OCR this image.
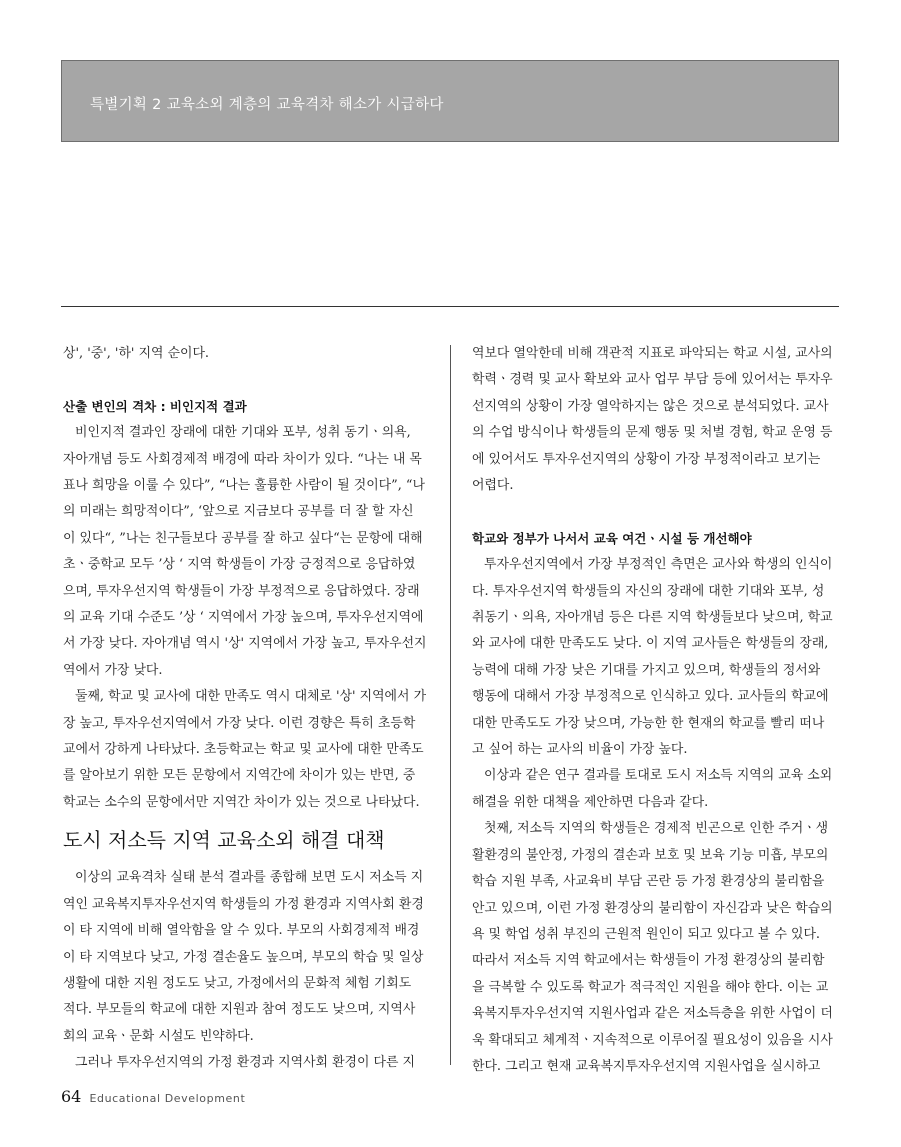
특별기획 2 교육소외 계층의 교육격차 해소가 시급하다

상', '중', '하' 지역 순이다.

산출 변인의 격차 : 비인지적 결과

비인지적 결과인 장래에 대한 기대와 포부, 성취 동기ㆍ의욕,

자아개념 등도 사회경제적 배경에 따라 차이가 있다. “나는 내 목

표나 희망을 이룰 수 있다”, “나는 훌륭한 사람이 될 것이다”, “나

의 미래는 희망적이다”, ‘앞으로 지금보다 공부를 더 잘 할 자신

이 있다“, ”나는 친구들보다 공부를 잘 하고 싶다“는 문항에 대해

초ㆍ중학교 모두 ’상 ‘ 지역 학생들이 가장 긍정적으로 응답하였

으며, 투자우선지역 학생들이 가장 부정적으로 응답하였다. 장래

의 교육 기대 수준도 ’상 ‘ 지역에서 가장 높으며, 투자우선지역에

서 가장 낮다. 자아개념 역시 '상' 지역에서 가장 높고, 투자우선지

역에서 가장 낮다.

둘째, 학교 및 교사에 대한 만족도 역시 대체로 '상' 지역에서 가

장 높고, 투자우선지역에서 가장 낮다. 이런 경향은 특히 초등학

교에서 강하게 나타났다. 초등학교는 학교 및 교사에 대한 만족도

를 알아보기 위한 모든 문항에서 지역간에 차이가 있는 반면, 중

학교는 소수의 문항에서만 지역간 차이가 있는 것으로 나타났다.

도시 저소득 지역 교육소외 해결 대책

이상의 교육격차 실태 분석 결과를 종합해 보면 도시 저소득 지

역인 교육복지투자우선지역 학생들의 가정 환경과 지역사회 환경

이 타 지역에 비해 열악함을 알 수 있다. 부모의 사회경제적 배경

이 타 지역보다 낮고, 가정 결손율도 높으며, 부모의 학습 및 일상

생활에 대한 지원 정도도 낮고, 가정에서의 문화적 체험 기회도

적다. 부모들의 학교에 대한 지원과 참여 정도도 낮으며, 지역사

회의 교육ㆍ문화 시설도 빈약하다.

그러나 투자우선지역의 가정 환경과 지역사회 환경이 다른 지

역보다 열악한데 비해 객관적 지표로 파악되는 학교 시설, 교사의

학력ㆍ경력 및 교사 확보와 교사 업무 부담 등에 있어서는 투자우

선지역의 상황이 가장 열악하지는 않은 것으로 분석되었다. 교사

의 수업 방식이나 학생들의 문제 행동 및 처벌 경험, 학교 운영 등

에 있어서도 투자우선지역의 상황이 가장 부정적이라고 보기는

어렵다.

학교와 정부가 나서서 교육 여건ㆍ시설 등 개선해야

투자우선지역에서 가장 부정적인 측면은 교사와 학생의 인식이

다. 투자우선지역 학생들의 자신의 장래에 대한 기대와 포부, 성

취동기ㆍ의욕, 자아개념 등은 다른 지역 학생들보다 낮으며, 학교

와 교사에 대한 만족도도 낮다. 이 지역 교사들은 학생들의 장래,

능력에 대해 가장 낮은 기대를 가지고 있으며, 학생들의 정서와

행동에 대해서 가장 부정적으로 인식하고 있다. 교사들의 학교에

대한 만족도도 가장 낮으며, 가능한 한 현재의 학교를 빨리 떠나

고 싶어 하는 교사의 비율이 가장 높다.

이상과 같은 연구 결과를 토대로 도시 저소득 지역의 교육 소외

해결을 위한 대책을 제안하면 다음과 같다.

첫째, 저소득 지역의 학생들은 경제적 빈곤으로 인한 주거ㆍ생

활환경의 불안정, 가정의 결손과 보호 및 보육 기능 미흡, 부모의

학습 지원 부족, 사교육비 부담 곤란 등 가정 환경상의 불리함을

안고 있으며, 이런 가정 환경상의 불리함이 자신감과 낮은 학습의

욕 및 학업 성취 부진의 근원적 원인이 되고 있다고 볼 수 있다.

따라서 저소득 지역 학교에서는 학생들이 가정 환경상의 불리함

을 극복할 수 있도록 학교가 적극적인 지원을 해야 한다. 이는 교

육복지투자우선지역 지원사업과 같은 저소득층을 위한 사업이 더

욱 확대되고 체계적ㆍ지속적으로 이루어질 필요성이 있음을 시사

한다. 그리고 현재 교육복지투자우선지역 지원사업을 실시하고

64 Educational Development
